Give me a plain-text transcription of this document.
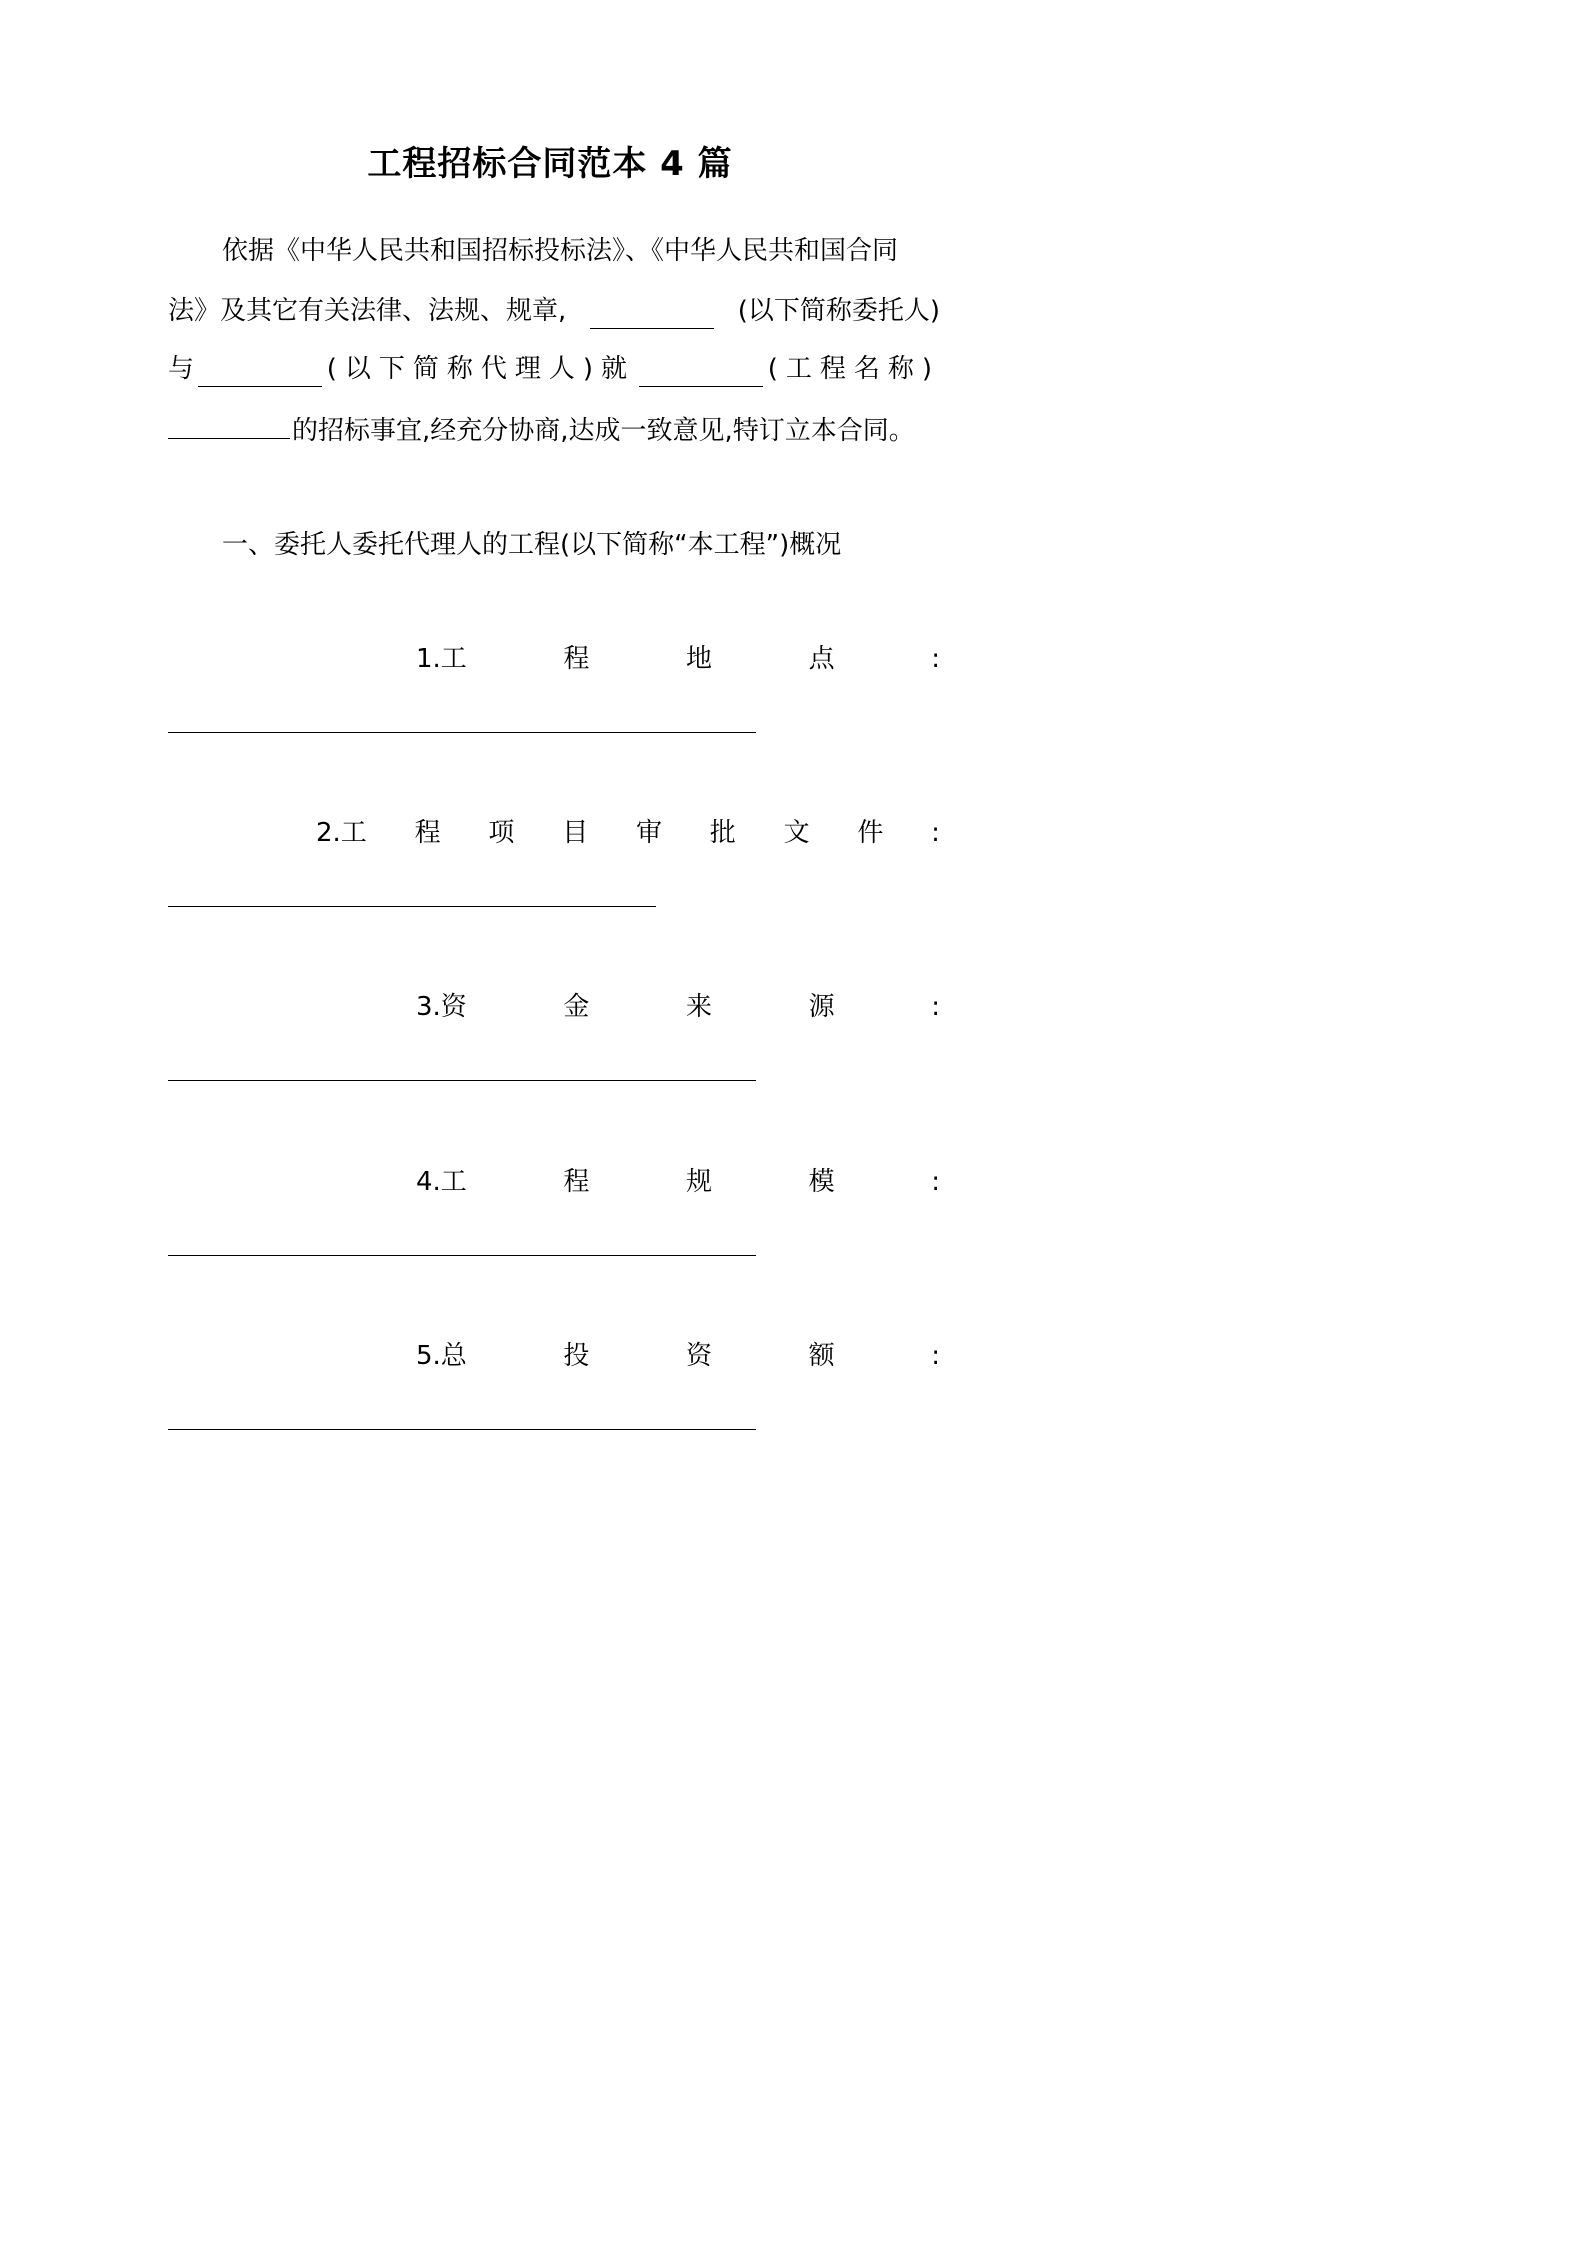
工程招标合同范本 4 篇
依据《中华人民共和国招标投标法》、《中华人民共和国合同
法》及其它有关法律、法规、规章,	(以下简称委托人)
与	(以下简称代理人)就	(工程名称)
的招标事宜,经充分协商,达成一致意见,特订立本合同。
一、委托人委托代理人的工程(以下简称“本工程”)概况
1.工	程	地	点	:
2.工 程 项 目 审 批 文 件 :
3.资	金	来	源	:
4.工	程	规	模	:
5.总	投	资	额	:
